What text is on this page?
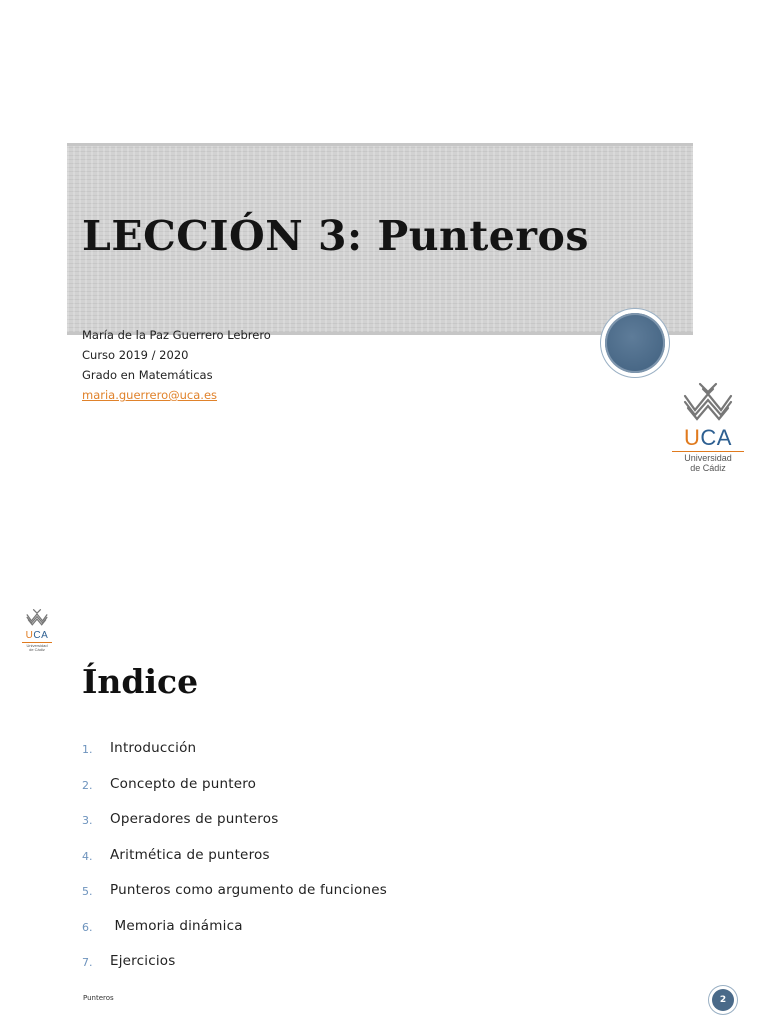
LECCIÓN 3: Punteros
María de la Paz Guerrero Lebrero
Curso 2019 / 2020
Grado en Matemáticas
maria.guerrero@uca.es
UCA
Universidad
de Cádiz
UCA
Universidad
de Cádiz
Índice
1.	Introducción
2.	Concepto de puntero
3.	Operadores de punteros
4.	Aritmética de punteros
5.	Punteros como argumento de funciones
6.	Memoria dinámica
7.	Ejercicios
Punteros	2
